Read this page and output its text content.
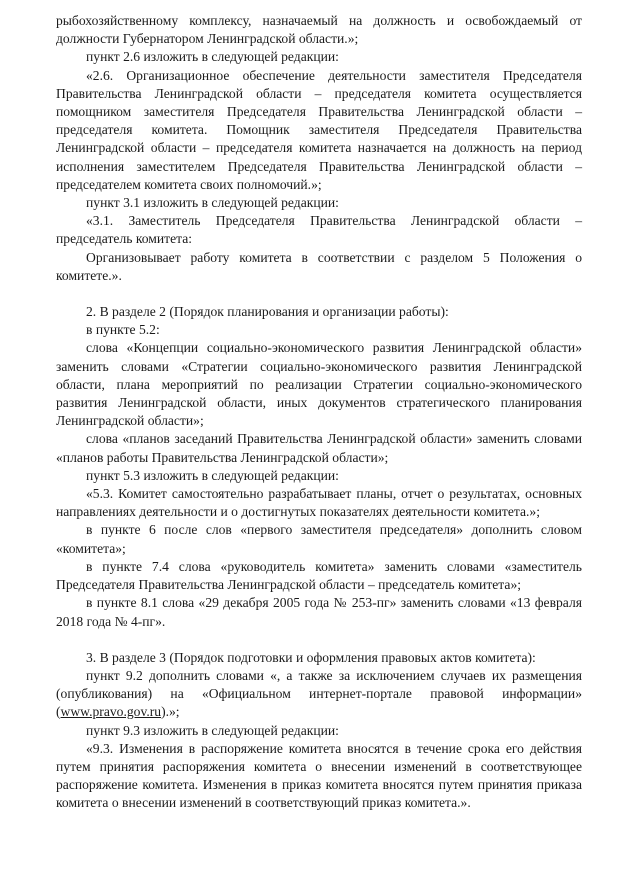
рыбохозяйственному комплексу, назначаемый на должность и освобождаемый от должности Губернатором Ленинградской области.»;

пункт 2.6 изложить в следующей редакции:

«2.6. Организационное обеспечение деятельности заместителя Председателя Правительства Ленинградской области – председателя комитета осуществляется помощником заместителя Председателя Правительства Ленинградской области – председателя комитета. Помощник заместителя Председателя Правительства Ленинградской области – председателя комитета назначается на должность на период исполнения заместителем Председателя Правительства Ленинградской области – председателем комитета своих полномочий.»;

пункт 3.1 изложить в следующей редакции:

«3.1. Заместитель Председателя Правительства Ленинградской области – председатель комитета:

Организовывает работу комитета в соответствии с разделом 5 Положения о комитете.».

2. В разделе 2 (Порядок планирования и организации работы):

в пункте 5.2:

слова «Концепции социально-экономического развития Ленинградской области» заменить словами «Стратегии социально-экономического развития Ленинградской области, плана мероприятий по реализации Стратегии социально-экономического развития Ленинградской области, иных документов стратегического планирования Ленинградской области»;

слова «планов заседаний Правительства Ленинградской области» заменить словами «планов работы Правительства Ленинградской области»;

пункт 5.3 изложить в следующей редакции:

«5.3. Комитет самостоятельно разрабатывает планы, отчет о результатах, основных направлениях деятельности и о достигнутых показателях деятельности комитета.»;

в пункте 6 после слов «первого заместителя председателя» дополнить словом «комитета»;

в пункте 7.4 слова «руководитель комитета» заменить словами «заместитель Председателя Правительства Ленинградской области – председатель комитета»;

в пункте 8.1 слова «29 декабря 2005 года № 253-пг» заменить словами «13 февраля 2018 года № 4-пг».

3. В разделе 3 (Порядок подготовки и оформления правовых актов комитета):

пункт 9.2 дополнить словами «, а также за исключением случаев их размещения (опубликования) на «Официальном интернет-портале правовой информации» (www.pravo.gov.ru).»;

пункт 9.3 изложить в следующей редакции:

«9.3. Изменения в распоряжение комитета вносятся в течение срока его действия путем принятия распоряжения комитета о внесении изменений в соответствующее распоряжение комитета. Изменения в приказ комитета вносятся путем принятия приказа комитета о внесении изменений в соответствующий приказ комитета.».
